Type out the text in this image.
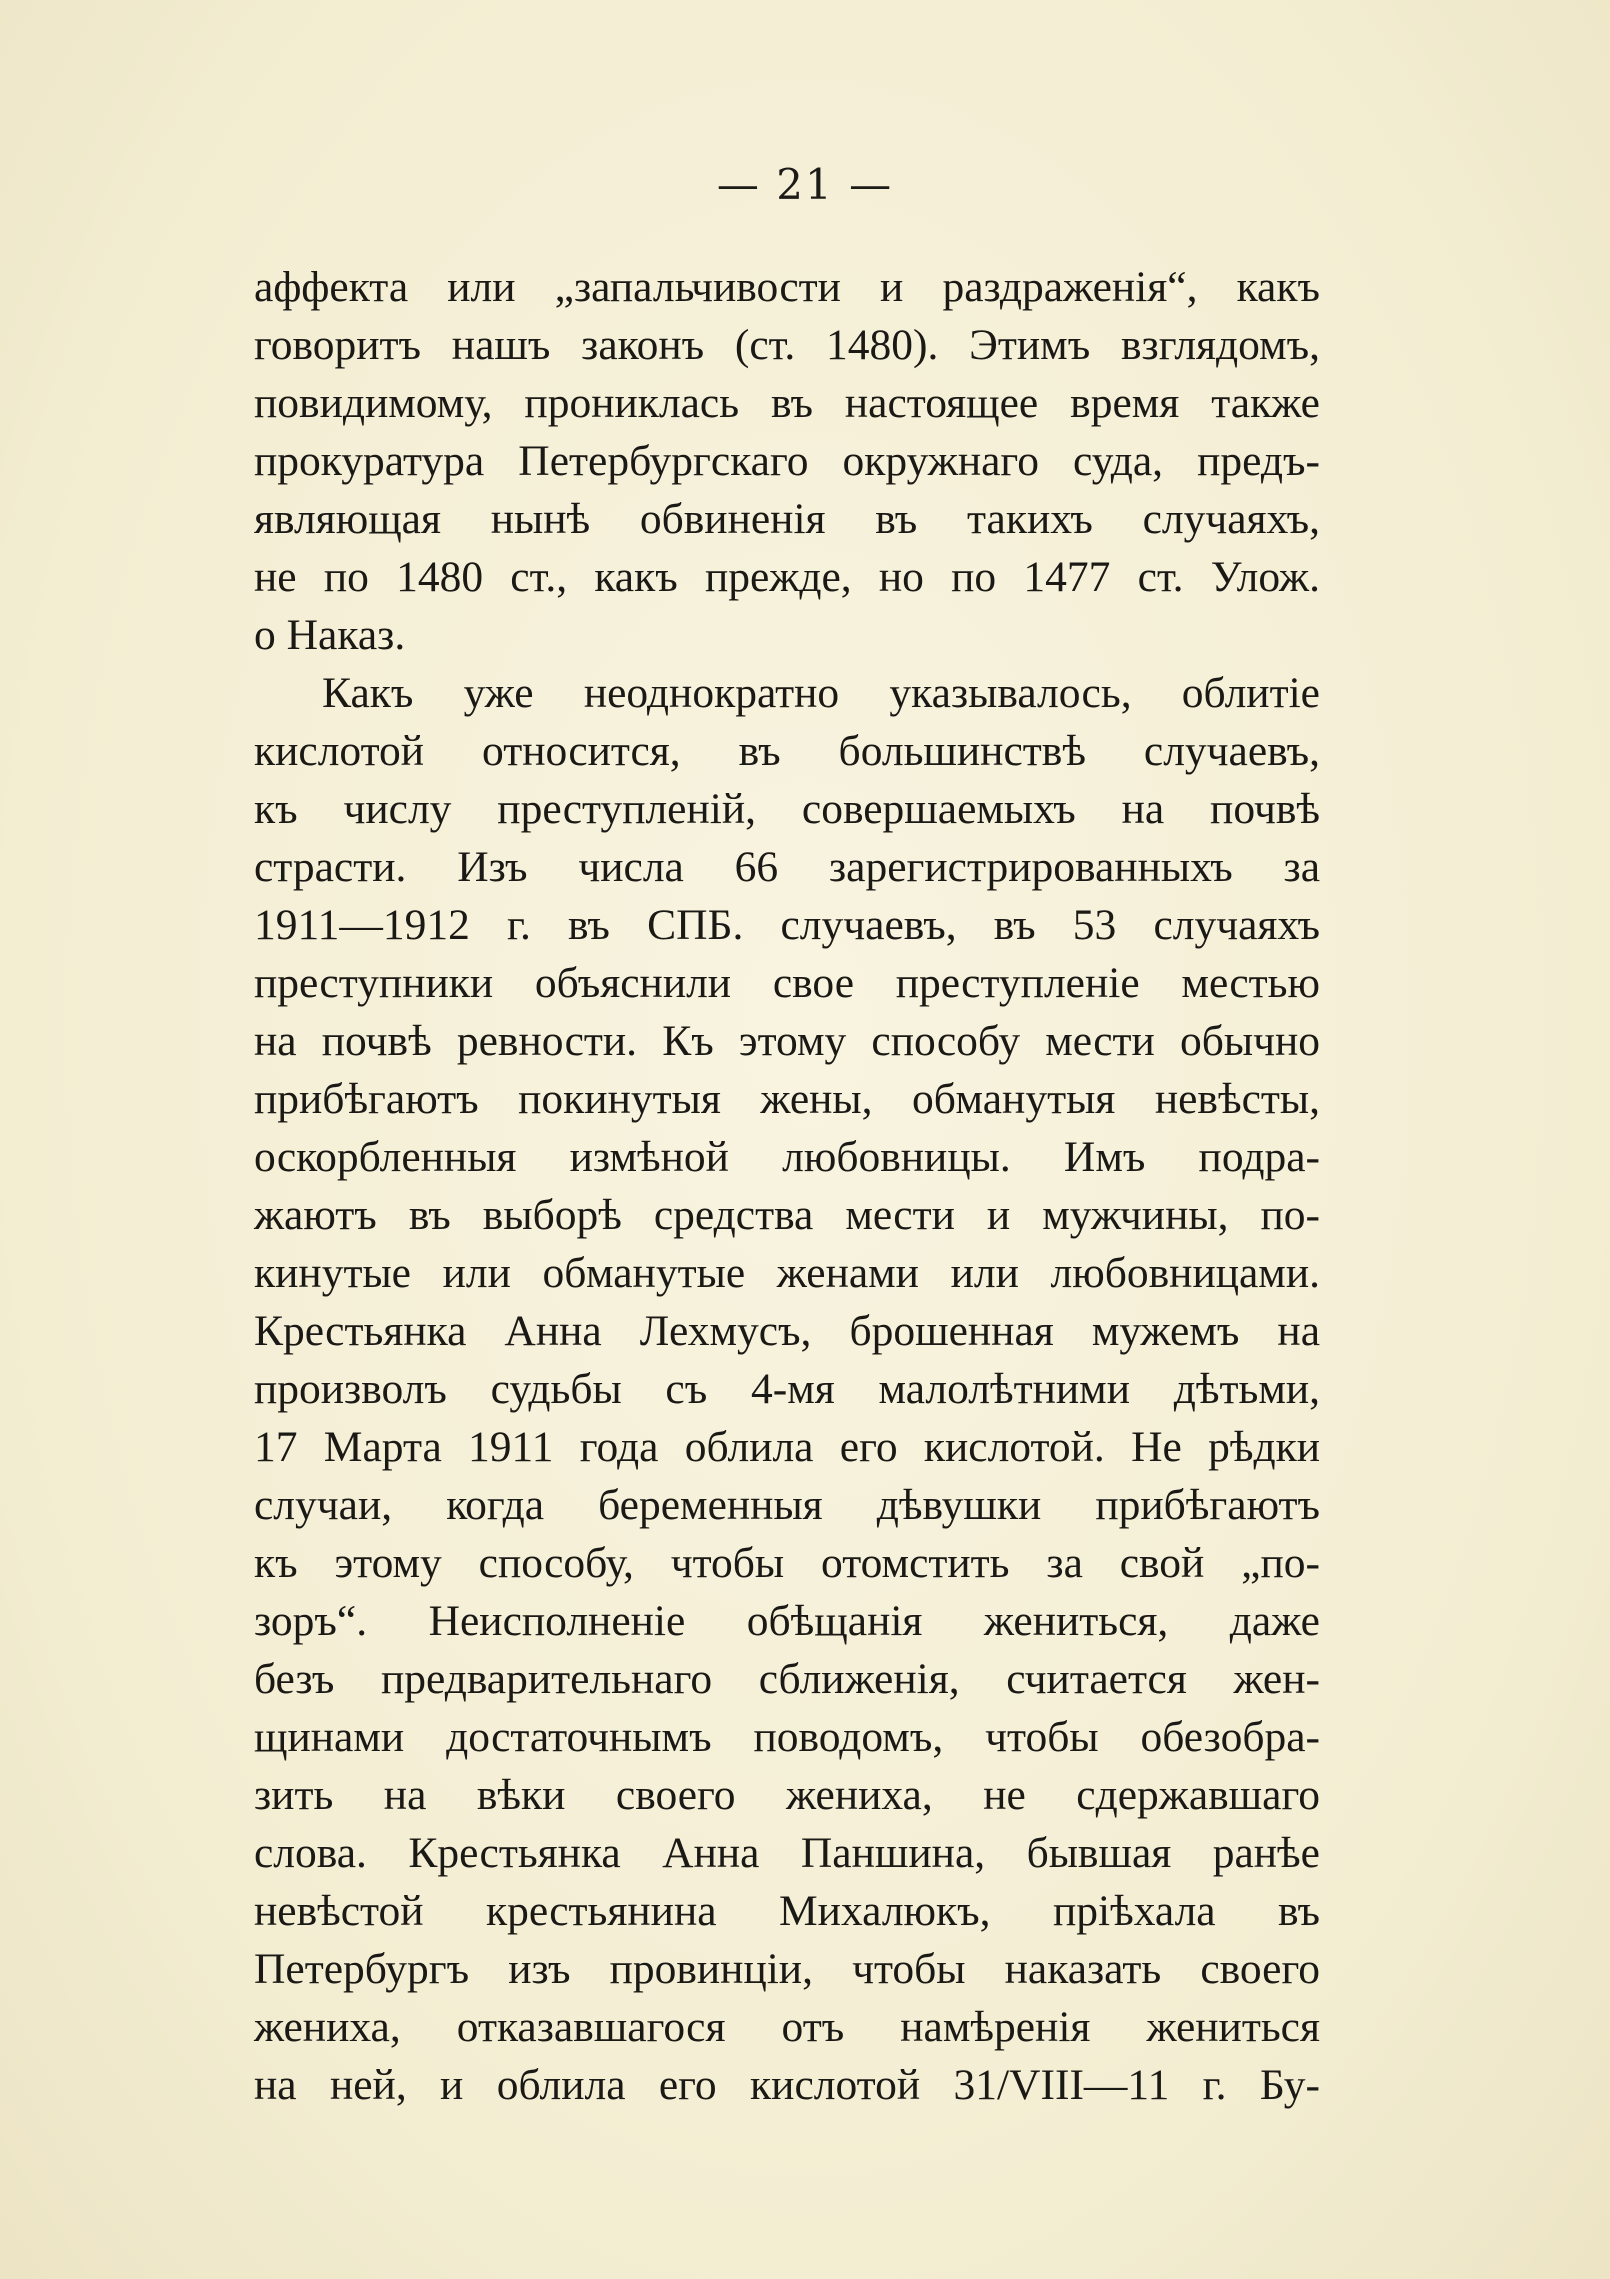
— 21 —
аффекта или „запальчивости и раздраженія“, какъ
говоритъ нашъ законъ (ст. 1480). Этимъ взглядомъ,
повидимому, прониклась въ настоящее время также
прокуратура Петербургскаго окружнаго суда, предъ-
являющая нынѣ обвиненія въ такихъ случаяхъ,
не по 1480 ст., какъ прежде, но по 1477 ст. Улож.
о Наказ.
Какъ уже неоднократно указывалось, облитіе
кислотой относится, въ большинствѣ случаевъ,
къ числу преступленій, совершаемыхъ на почвѣ
страсти. Изъ числа 66 зарегистрированныхъ за
1911—1912 г. въ СПБ. случаевъ, въ 53 случаяхъ
преступники объяснили свое преступленіе местью
на почвѣ ревности. Къ этому способу мести обычно
прибѣгаютъ покинутыя жены, обманутыя невѣсты,
оскорбленныя измѣной любовницы. Имъ подра-
жаютъ въ выборѣ средства мести и мужчины, по-
кинутые или обманутые женами или любовницами.
Крестьянка Анна Лехмусъ, брошенная мужемъ на
произволъ судьбы съ 4-мя малолѣтними дѣтьми,
17 Марта 1911 года облила его кислотой. Не рѣдки
случаи, когда беременныя дѣвушки прибѣгаютъ
къ этому способу, чтобы отомстить за свой „по-
зоръ“. Неисполненіе обѣщанія жениться, даже
безъ предварительнаго сближенія, считается жен-
щинами достаточнымъ поводомъ, чтобы обезобра-
зить на вѣки своего жениха, не сдержавшаго
слова. Крестьянка Анна Паншина, бывшая ранѣе
невѣстой крестьянина Михалюкъ, пріѣхала въ
Петербургъ изъ провинціи, чтобы наказать своего
жениха, отказавшагося отъ намѣренія жениться
на ней, и облила его кислотой 31/VIII—11 г. Бу-
